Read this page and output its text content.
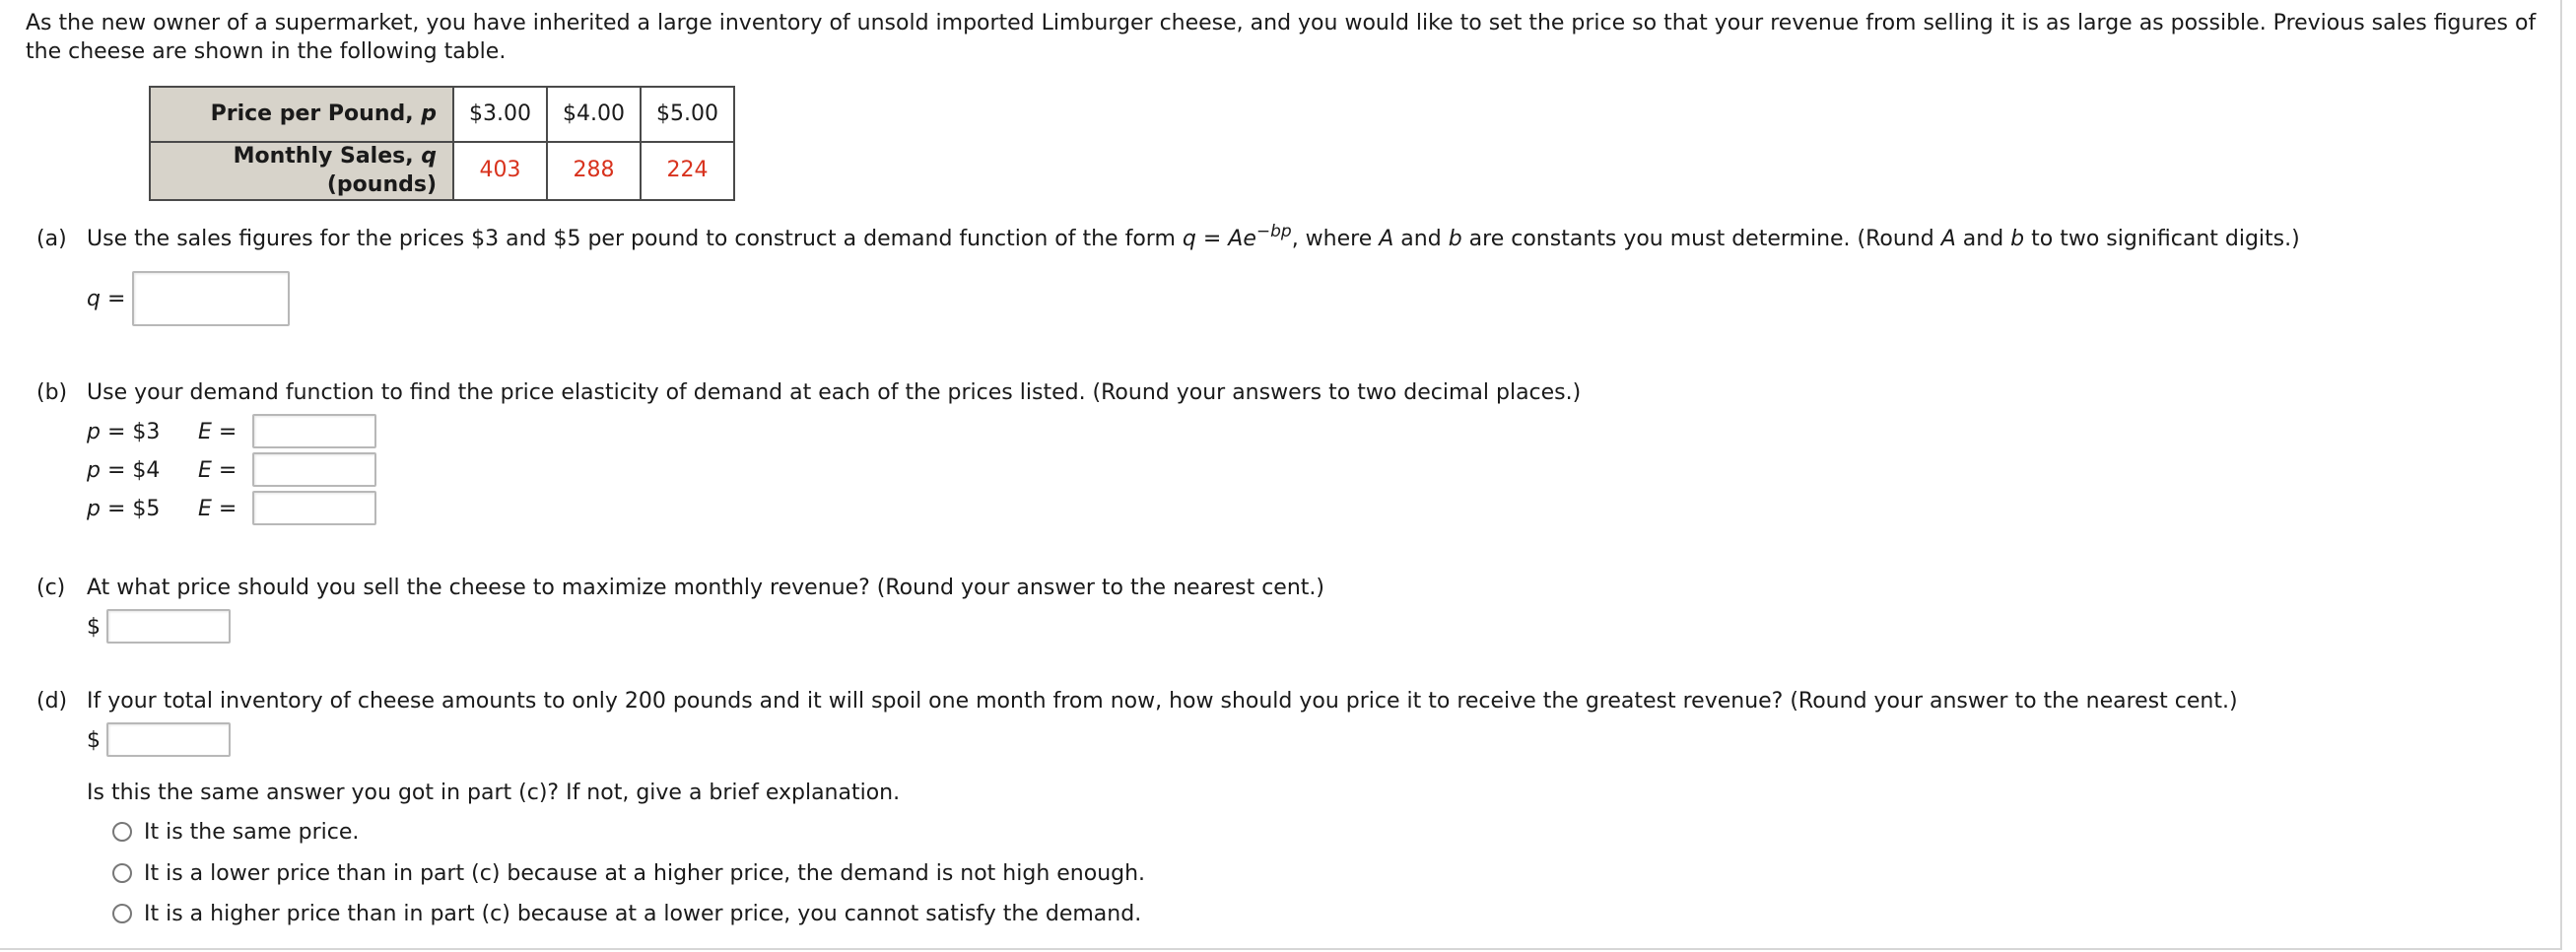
As the new owner of a supermarket, you have inherited a large inventory of unsold imported Limburger cheese, and you would like to set the price so that your revenue from selling it is as large as possible. Previous sales figures of the cheese are shown in the following table.

Price per Pound, p	$3.00	$4.00	$5.00
Monthly Sales, q (pounds)	403	288	224
(a) Use the sales figures for the prices $3 and $5 per pound to construct a demand function of the form $q = Ae^{-bp}$, where A and b are constants you must determine. (Round A and b to two significant digits.)
q =
(b) Use your demand function to find the price elasticity of demand at each of the prices listed. (Round your answers to two decimal places.)
p = $3 E =
p = $4 E =
p = $5 E =
(c) At what price should you sell the cheese to maximize monthly revenue? (Round your answer to the nearest cent.)
$
(d) If your total inventory of cheese amounts to only 200 pounds and it will spoil one month from now, how should you price it to receive the greatest revenue? (Round your answer to the nearest cent.)
$
Is this the same answer you got in part (c)? If not, give a brief explanation.
It is the same price.
It is a lower price than in part (c) because at a higher price, the demand is not high enough.
It is a higher price than in part (c) because at a lower price, you cannot satisfy the demand.
